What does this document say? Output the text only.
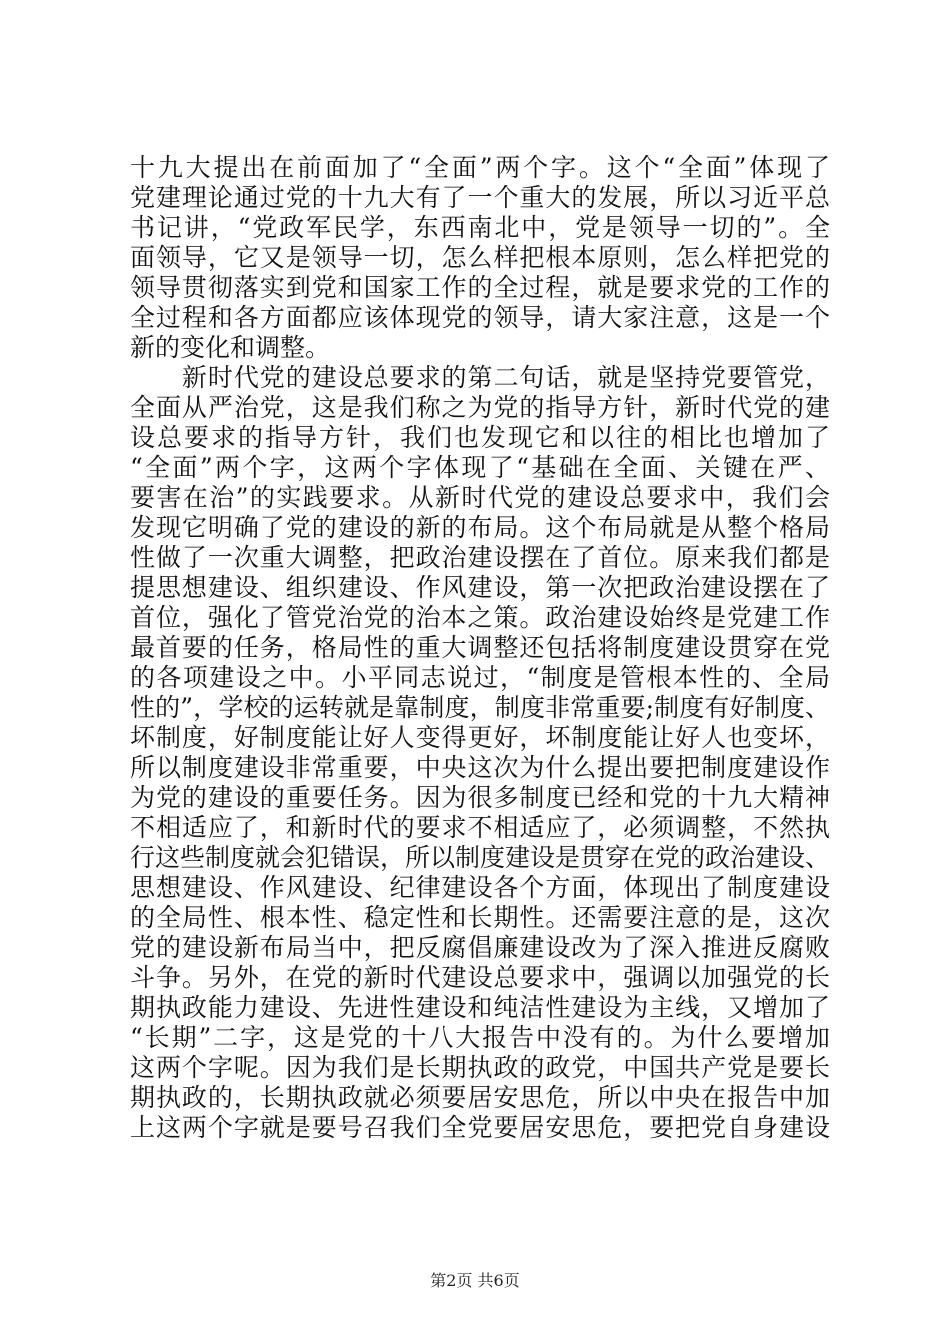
十九大提出在前面加了“全面”两个字。这个“全面”体现了
党建理论通过党的十九大有了一个重大的发展，所以习近平总
书记讲，“党政军民学，东西南北中，党是领导一切的”。全
面领导，它又是领导一切，怎么样把根本原则，怎么样把党的
领导贯彻落实到党和国家工作的全过程，就是要求党的工作的
全过程和各方面都应该体现党的领导，请大家注意，这是一个
新的变化和调整。
　　新时代党的建设总要求的第二句话，就是坚持党要管党，
全面从严治党，这是我们称之为党的指导方针，新时代党的建
设总要求的指导方针，我们也发现它和以往的相比也增加了
“全面”两个字，这两个字体现了“基础在全面、关键在严、
要害在治”的实践要求。从新时代党的建设总要求中，我们会
发现它明确了党的建设的新的布局。这个布局就是从整个格局
性做了一次重大调整，把政治建设摆在了首位。原来我们都是
提思想建设、组织建设、作风建设，第一次把政治建设摆在了
首位，强化了管党治党的治本之策。政治建设始终是党建工作
最首要的任务，格局性的重大调整还包括将制度建设贯穿在党
的各项建设之中。小平同志说过，“制度是管根本性的、全局
性的”，学校的运转就是靠制度，制度非常重要;制度有好制度、
坏制度，好制度能让好人变得更好，坏制度能让好人也变坏，
所以制度建设非常重要，中央这次为什么提出要把制度建设作
为党的建设的重要任务。因为很多制度已经和党的十九大精神
不相适应了，和新时代的要求不相适应了，必须调整，不然执
行这些制度就会犯错误，所以制度建设是贯穿在党的政治建设、
思想建设、作风建设、纪律建设各个方面，体现出了制度建设
的全局性、根本性、稳定性和长期性。还需要注意的是，这次
党的建设新布局当中，把反腐倡廉建设改为了深入推进反腐败
斗争。另外，在党的新时代建设总要求中，强调以加强党的长
期执政能力建设、先进性建设和纯洁性建设为主线，又增加了
“长期”二字，这是党的十八大报告中没有的。为什么要增加
这两个字呢。因为我们是长期执政的政党，中国共产党是要长
期执政的，长期执政就必须要居安思危，所以中央在报告中加
上这两个字就是要号召我们全党要居安思危，要把党自身建设
第2页 共6页
